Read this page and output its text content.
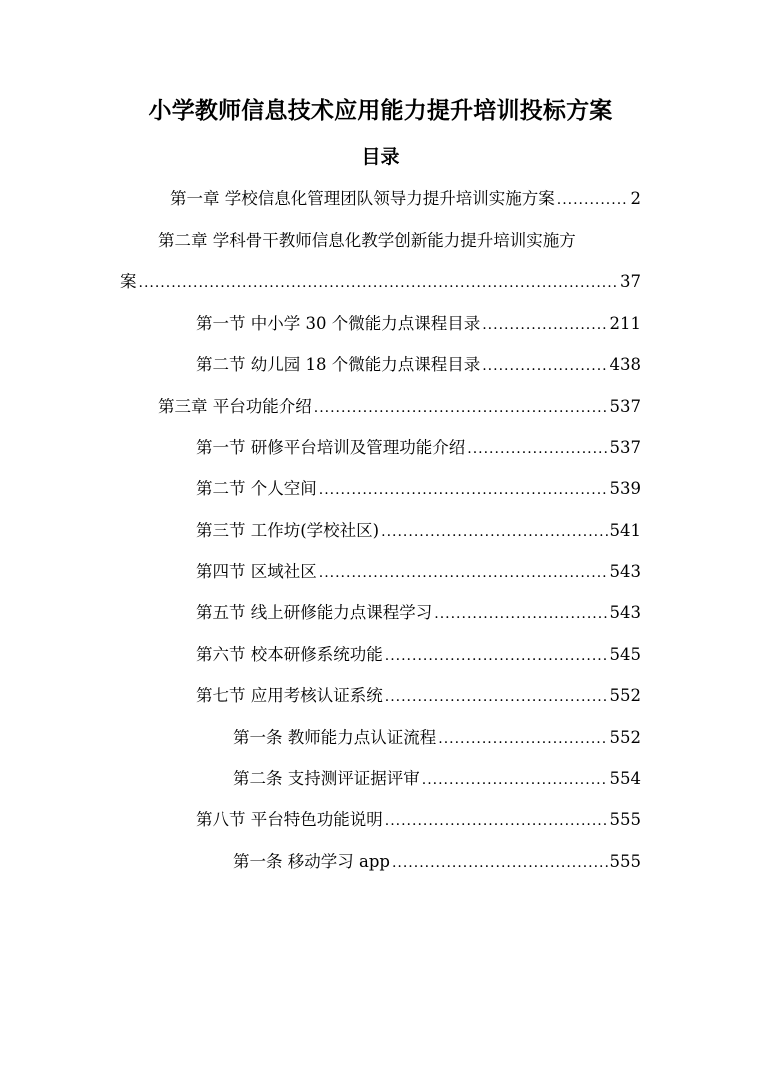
小学教师信息技术应用能力提升培训投标方案
目录
第一章 学校信息化管理团队领导力提升培训实施方案 .....	2
第二章 学科骨干教师信息化教学创新能力提升培训实施方
案 .....	37
第一节 中小学 30 个微能力点课程目录 .....	211
第二节 幼儿园 18 个微能力点课程目录 .....	438
第三章 平台功能介绍 .....	537
第一节 研修平台培训及管理功能介绍 .....	537
第二节 个人空间 .....	539
第三节 工作坊(学校社区) .....	541
第四节 区域社区 .....	543
第五节 线上研修能力点课程学习 .....	543
第六节 校本研修系统功能 .....	545
第七节 应用考核认证系统 .....	552
第一条 教师能力点认证流程 .....	552
第二条 支持测评证据评审 .....	554
第八节 平台特色功能说明 .....	555
第一条 移动学习 app .....	555
